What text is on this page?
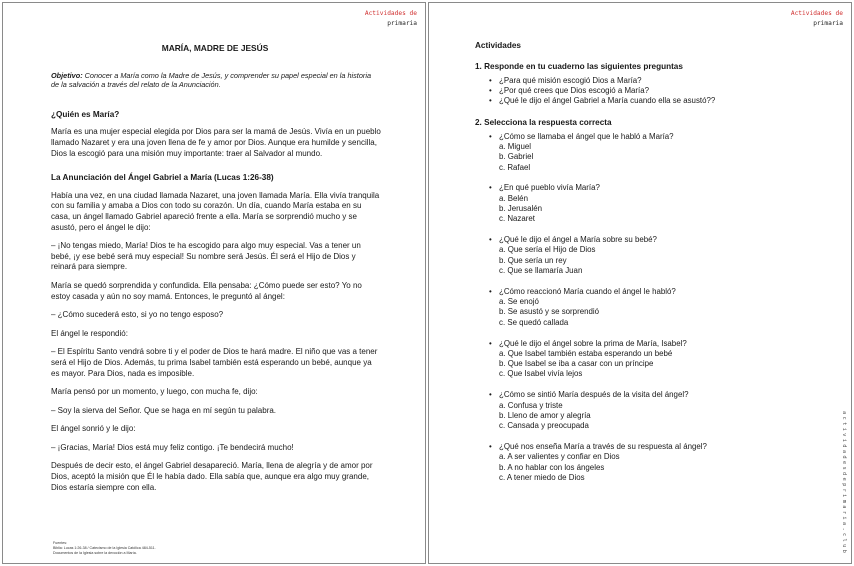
Actividades de
primaria
MARÍA, MADRE DE JESÚS

Objetivo: Conocer a María como la Madre de Jesús, y comprender su papel especial en la historia de la salvación a través del relato de la Anunciación.

¿Quién es María?

María es una mujer especial elegida por Dios para ser la mamá de Jesús. Vivía en un pueblo llamado Nazaret y era una joven llena de fe y amor por Dios. Aunque era humilde y sencilla, Dios la escogió para una misión muy importante: traer al Salvador al mundo.

La Anunciación del Ángel Gabriel a María (Lucas 1:26-38)

Había una vez, en una ciudad llamada Nazaret, una joven llamada María. Ella vivía tranquila con su familia y amaba a Dios con todo su corazón. Un día, cuando María estaba en su casa, un ángel llamado Gabriel apareció frente a ella. María se sorprendió mucho y se asustó, pero el ángel le dijo:

– ¡No tengas miedo, María! Dios te ha escogido para algo muy especial. Vas a tener un bebé, ¡y ese bebé será muy especial! Su nombre será Jesús. Él será el Hijo de Dios y reinará para siempre.

María se quedó sorprendida y confundida. Ella pensaba: ¿Cómo puede ser esto? Yo no estoy casada y aún no soy mamá. Entonces, le preguntó al ángel:

– ¿Cómo sucederá esto, si yo no tengo esposo?

El ángel le respondió:

– El Espíritu Santo vendrá sobre ti y el poder de Dios te hará madre. El niño que vas a tener será el Hijo de Dios. Además, tu prima Isabel también está esperando un bebé, aunque ya es mayor. Para Dios, nada es imposible.

María pensó por un momento, y luego, con mucha fe, dijo:

– Soy la sierva del Señor. Que se haga en mí según tu palabra.

El ángel sonrió y le dijo:

– ¡Gracias, María! Dios está muy feliz contigo. ¡Te bendecirá mucho!

Después de decir esto, el ángel Gabriel desapareció. María, llena de alegría y de amor por Dios, aceptó la misión que Él le había dado. Ella sabía que, aunque era algo muy grande, Dios estaría siempre con ella.

Fuentes:
Biblia: Lucas 1:26-38 / Catecismo de la Iglesia Católica 484-511.
Documentos de la Iglesia sobre la devoción a María.
Actividades de
primaria
actividadesdeprimaria.club
Actividades
1. Responde en tu cuaderno las siguientes preguntas
• ¿Para qué misión escogió Dios a María?
• ¿Por qué crees que Dios escogió a María?
• ¿Qué le dijo el ángel Gabriel a María cuando ella se asustó??
2. Selecciona la respuesta correcta
• ¿Cómo se llamaba el ángel que le habló a María?
a. Miguel
b. Gabriel
c. Rafael
• ¿En qué pueblo vivía María?
a. Belén
b. Jerusalén
c. Nazaret
• ¿Qué le dijo el ángel a María sobre su bebé?
a. Que sería el Hijo de Dios
b. Que sería un rey
c. Que se llamaría Juan
• ¿Cómo reaccionó María cuando el ángel le habló?
a. Se enojó
b. Se asustó y se sorprendió
c. Se quedó callada
• ¿Qué le dijo el ángel sobre la prima de María, Isabel?
a. Que Isabel también estaba esperando un bebé
b. Que Isabel se iba a casar con un príncipe
c. Que Isabel vivía lejos
• ¿Cómo se sintió María después de la visita del ángel?
a. Confusa y triste
b. Lleno de amor y alegría
c. Cansada y preocupada
• ¿Qué nos enseña María a través de su respuesta al ángel?
a. A ser valientes y confiar en Dios
b. A no hablar con los ángeles
c. A tener miedo de Dios
